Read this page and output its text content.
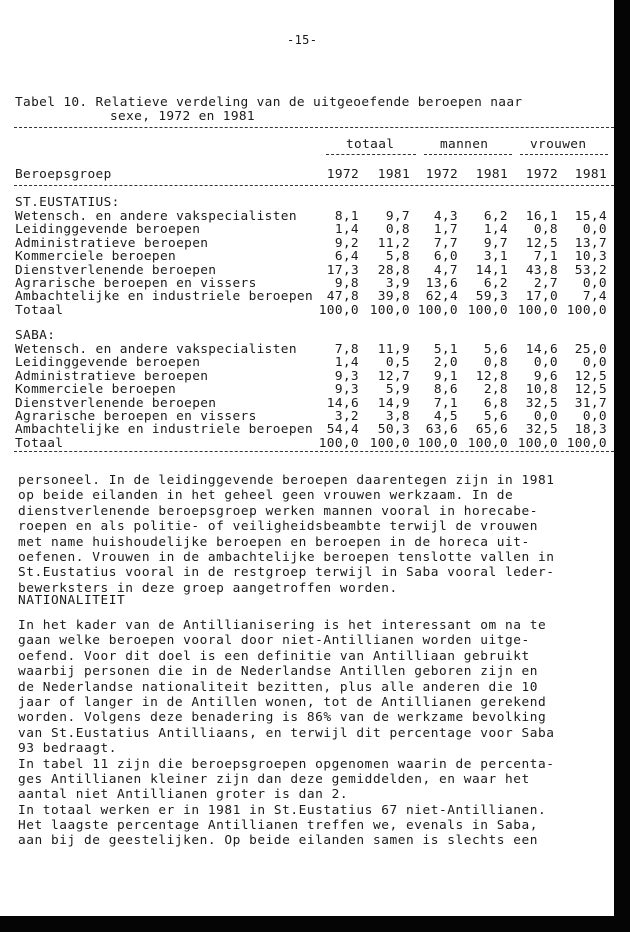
-15-
Tabel 10. Relatieve verdeling van de uitgeoefende beroepen naar
sexe, 1972 en 1981
totaal	mannen	vrouwen
Beroepsgroep	1972 1981 1972 1981 1972 1981
ST.EUSTATIUS:
Wetensch. en andere vakspecialisten	8,1 9,7 4,3 6,2 16,1 15,4
Leidinggevende beroepen	1,4 0,8 1,7 1,4 0,8 0,0
Administratieve beroepen	9,2 11,2 7,7 9,7 12,5 13,7
Kommerciele beroepen	6,4 5,8 6,0 3,1 7,1 10,3
Dienstverlenende beroepen	17,3 28,8 4,7 14,1 43,8 53,2
Agrarische beroepen en vissers	9,8 3,9 13,6 6,2 2,7 0,0
Ambachtelijke en industriele beroepen 47,8 39,8 62,4 59,3 17,0 7,4
Totaal	100,0 100,0 100,0 100,0 100,0 100,0
SABA:
Wetensch. en andere vakspecialisten	7,8 11,9 5,1 5,6 14,6 25,0
Leidinggevende beroepen	1,4 0,5 2,0 0,8 0,0 0,0
Administratieve beroepen	9,3 12,7 9,1 12,8 9,6 12,5
Kommerciele beroepen	9,3 5,9 8,6 2,8 10,8 12,5
Dienstverlenende beroepen	14,6 14,9 7,1 6,8 32,5 31,7
Agrarische beroepen en vissers	3,2 3,8 4,5 5,6 0,0 0,0
Ambachtelijke en industriele beroepen 54,4 50,3 63,6 65,6 32,5 18,3
Totaal	100,0 100,0 100,0 100,0 100,0 100,0
personeel. In de leidinggevende beroepen daarentegen zijn in 1981
op beide eilanden in het geheel geen vrouwen werkzaam. In de
dienstverlenende beroepsgroep werken mannen vooral in horecabe-
roepen en als politie- of veiligheidsbeambte terwijl de vrouwen
met name huishoudelijke beroepen en beroepen in de horeca uit-
oefenen. Vrouwen in de ambachtelijke beroepen tenslotte vallen in
St.Eustatius vooral in de restgroep terwijl in Saba vooral leder-
bewerksters in deze groep aangetroffen worden.
NATIONALITEIT
In het kader van de Antillianisering is het interessant om na te
gaan welke beroepen vooral door niet-Antillianen worden uitge-
oefend. Voor dit doel is een definitie van Antilliaan gebruikt
waarbij personen die in de Nederlandse Antillen geboren zijn en
de Nederlandse nationaliteit bezitten, plus alle anderen die 10
jaar of langer in de Antillen wonen, tot de Antillianen gerekend
worden. Volgens deze benadering is 86% van de werkzame bevolking
van St.Eustatius Antilliaans, en terwijl dit percentage voor Saba
93 bedraagt.
In tabel 11 zijn die beroepsgroepen opgenomen waarin de percenta-
ges Antillianen kleiner zijn dan deze gemiddelden, en waar het
aantal niet Antillianen groter is dan 2.
In totaal werken er in 1981 in St.Eustatius 67 niet-Antillianen.
Het laagste percentage Antillianen treffen we, evenals in Saba,
aan bij de geestelijken. Op beide eilanden samen is slechts een
